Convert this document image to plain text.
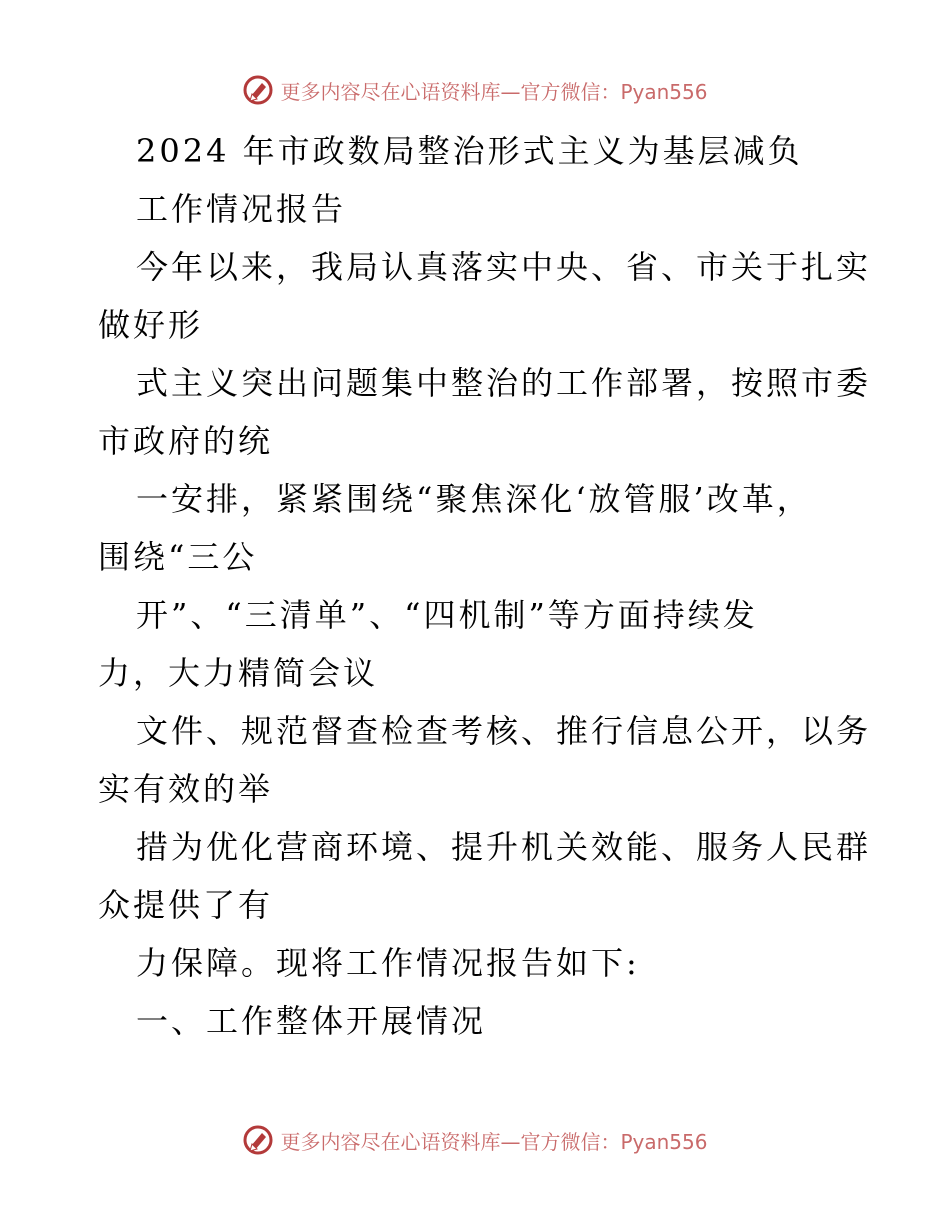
更多内容尽在心语资料库—官方微信：Pyan556
2024 年市政数局整治形式主义为基层减负
工作情况报告
今年以来，我局认真落实中央、省、市关于扎实
做好形
式主义突出问题集中整治的工作部署，按照市委
市政府的统
一安排，紧紧围绕“聚焦深化‘放管服’改革，
围绕“三公
开”、“三清单”、“四机制”等方面持续发
力，大力精简会议
文件、规范督查检查考核、推行信息公开，以务
实有效的举
措为优化营商环境、提升机关效能、服务人民群
众提供了有
力保障。现将工作情况报告如下:
一、工作整体开展情况
更多内容尽在心语资料库—官方微信：Pyan556
